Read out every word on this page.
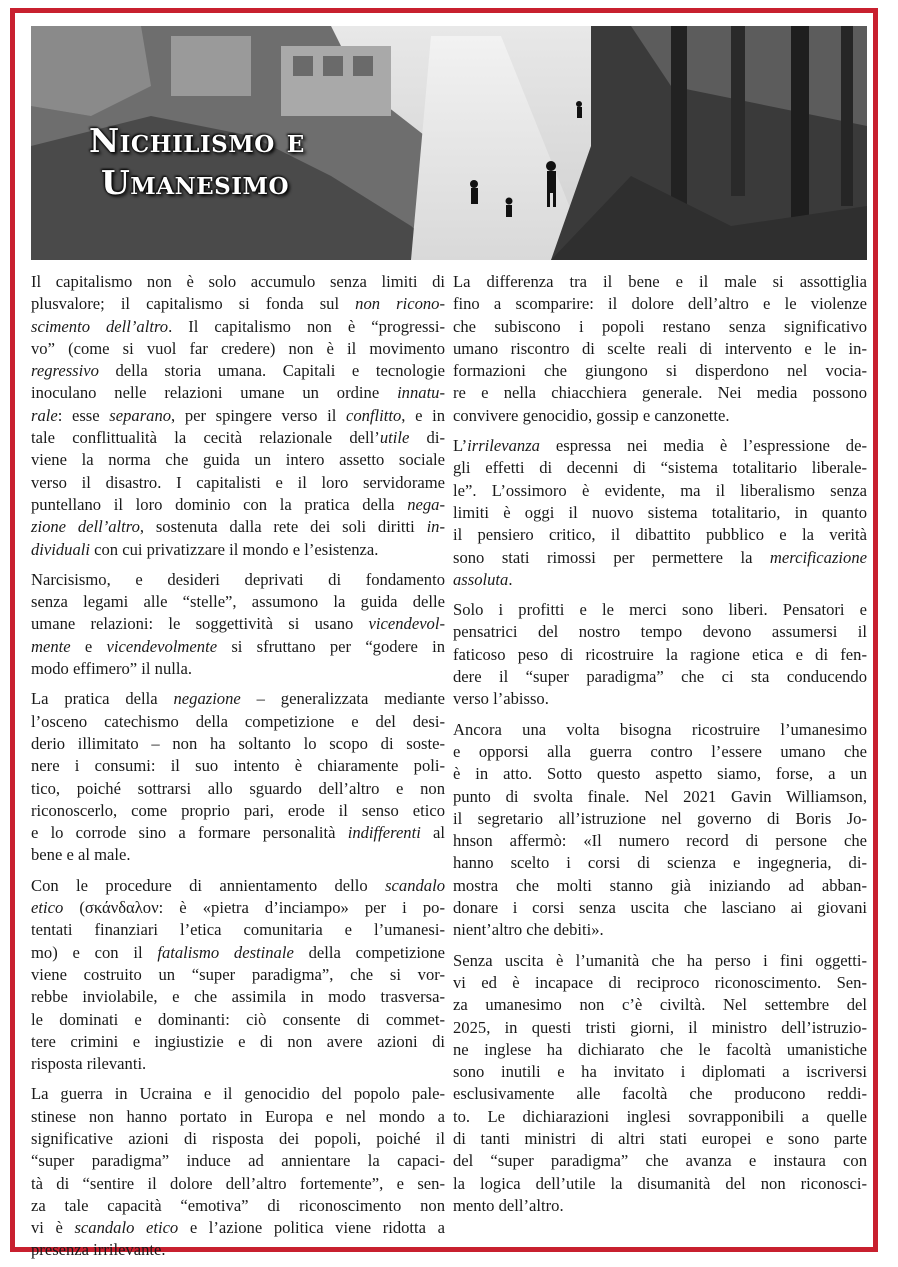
Nichilismo e

Umanesimo

Il capitalismo non è solo accumulo senza limiti di
plusvalore; il capitalismo si fonda sul non ricono-
scimento dell’altro. Il capitalismo non è “progressi-
vo” (come si vuol far credere) non è il movimento
regressivo della storia umana. Capitali e tecnologie
inoculano nelle relazioni umane un ordine innatu-
rale: esse separano, per spingere verso il conflitto, e in
tale conflittualità la cecità relazionale dell’utile di-
viene la norma che guida un intero assetto sociale
verso il disastro. I capitalisti e il loro servidorame
puntellano il loro dominio con la pratica della nega-
zione dell’altro, sostenuta dalla rete dei soli diritti in-
dividuali con cui privatizzare il mondo e l’esistenza.

Narcisismo, e desideri deprivati di fondamento
senza legami alle “stelle”, assumono la guida delle
umane relazioni: le soggettività si usano vicendevol-
mente e vicendevolmente si sfruttano per “godere in
modo effimero” il nulla.

La pratica della negazione – generalizzata mediante
l’osceno catechismo della competizione e del desi-
derio illimitato – non ha soltanto lo scopo di soste-
nere i consumi: il suo intento è chiaramente poli-
tico, poiché sottrarsi allo sguardo dell’altro e non
riconoscerlo, come proprio pari, erode il senso etico
e lo corrode sino a formare personalità indifferenti al
bene e al male.

Con le procedure di annientamento dello scandalo
etico (σκάνδαλον: è «pietra d’inciampo» per i po-
tentati finanziari l’etica comunitaria e l’umanesi-
mo) e con il fatalismo destinale della competizione
viene costruito un “super paradigma”, che si vor-
rebbe inviolabile, e che assimila in modo trasversa-
le dominati e dominanti: ciò consente di commet-
tere crimini e ingiustizie e di non avere azioni di
risposta rilevanti.

La guerra in Ucraina e il genocidio del popolo pale-
stinese non hanno portato in Europa e nel mondo a
significative azioni di risposta dei popoli, poiché il
“super paradigma” induce ad annientare la capaci-
tà di “sentire il dolore dell’altro fortemente”, e sen-
za tale capacità “emotiva” di riconoscimento non
vi è scandalo etico e l’azione politica viene ridotta a
presenza irrilevante.

La differenza tra il bene e il male si assottiglia
fino a scomparire: il dolore dell’altro e le violenze
che subiscono i popoli restano senza significativo
umano riscontro di scelte reali di intervento e le in-
formazioni che giungono si disperdono nel vocia-
re e nella chiacchiera generale. Nei media possono
convivere genocidio, gossip e canzonette.

L’irrilevanza espressa nei media è l’espressione de-
gli effetti di decenni di “sistema totalitario liberale-
le”. L’ossimoro è evidente, ma il liberalismo senza
limiti è oggi il nuovo sistema totalitario, in quanto
il pensiero critico, il dibattito pubblico e la verità
sono stati rimossi per permettere la mercificazione
assoluta.

Solo i profitti e le merci sono liberi. Pensatori e
pensatrici del nostro tempo devono assumersi il
faticoso peso di ricostruire la ragione etica e di fen-
dere il “super paradigma” che ci sta conducendo
verso l’abisso.

Ancora una volta bisogna ricostruire l’umanesimo
e opporsi alla guerra contro l’essere umano che
è in atto. Sotto questo aspetto siamo, forse, a un
punto di svolta finale. Nel 2021 Gavin Williamson,
il segretario all’istruzione nel governo di Boris Jo-
hnson affermò: «Il numero record di persone che
hanno scelto i corsi di scienza e ingegneria, di-
mostra che molti stanno già iniziando ad abban-
donare i corsi senza uscita che lasciano ai giovani
nient’altro che debiti».

Senza uscita è l’umanità che ha perso i fini oggetti-
vi ed è incapace di reciproco riconoscimento. Sen-
za umanesimo non c’è civiltà. Nel settembre del
2025, in questi tristi giorni, il ministro dell’istruzio-
ne inglese ha dichiarato che le facoltà umanistiche
sono inutili e ha invitato i diplomati a iscriversi
esclusivamente alle facoltà che producono reddi-
to. Le dichiarazioni inglesi sovrapponibili a quelle
di tanti ministri di altri stati europei e sono parte
del “super paradigma” che avanza e instaura con
la logica dell’utile la disumanità del non riconosci-
mento dell’altro.
